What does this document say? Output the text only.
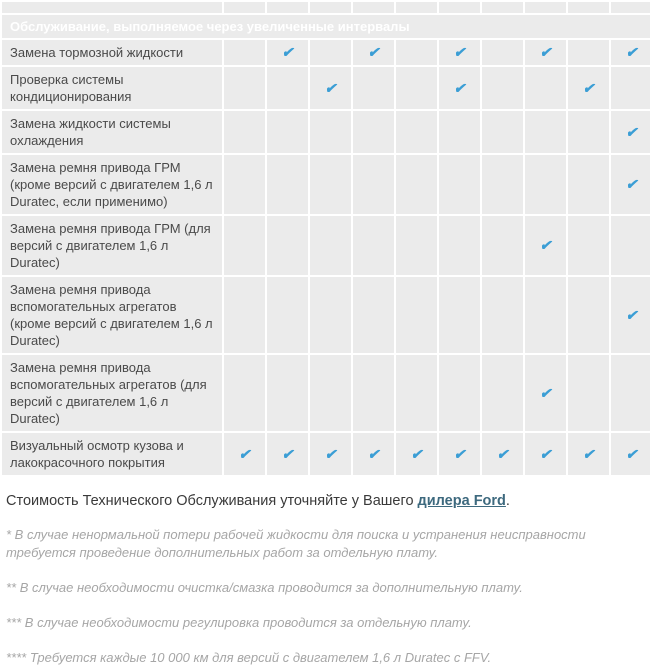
Обслуживание, выполняемое через увеличенные интервалы										
Замена тормозной жидкости		✔		✔		✔		✔		✔
Проверка системы кондиционирования			✔			✔			✔	
Замена жидкости системы охлаждения										✔
Замена ремня привода ГРМ (кроме версий с двигателем 1,6 л Duratec, если применимо)										✔
Замена ремня привода ГРМ (для версий с двигателем 1,6 л Duratec)								✔		
Замена ремня привода вспомогательных агрегатов (кроме версий с двигателем 1,6 л Duratec)										✔
Замена ремня привода вспомогательных агрегатов (для версий с двигателем 1,6 л Duratec)								✔		
Визуальный осмотр кузова и лакокрасочного покрытия	✔	✔	✔	✔	✔	✔	✔	✔	✔	✔

Стоимость Технического Обслуживания уточняйте у Вашего дилера Ford.

* В случае ненормальной потери рабочей жидкости для поиска и устранения неисправности требуется проведение дополнительных работ за отдельную плату.

** В случае необходимости очистка/смазка проводится за дополнительную плату.

*** В случае необходимости регулировка проводится за отдельную плату.

**** Требуется каждые 10 000 км для версий с двигателем 1,6 л Duratec с FFV.
